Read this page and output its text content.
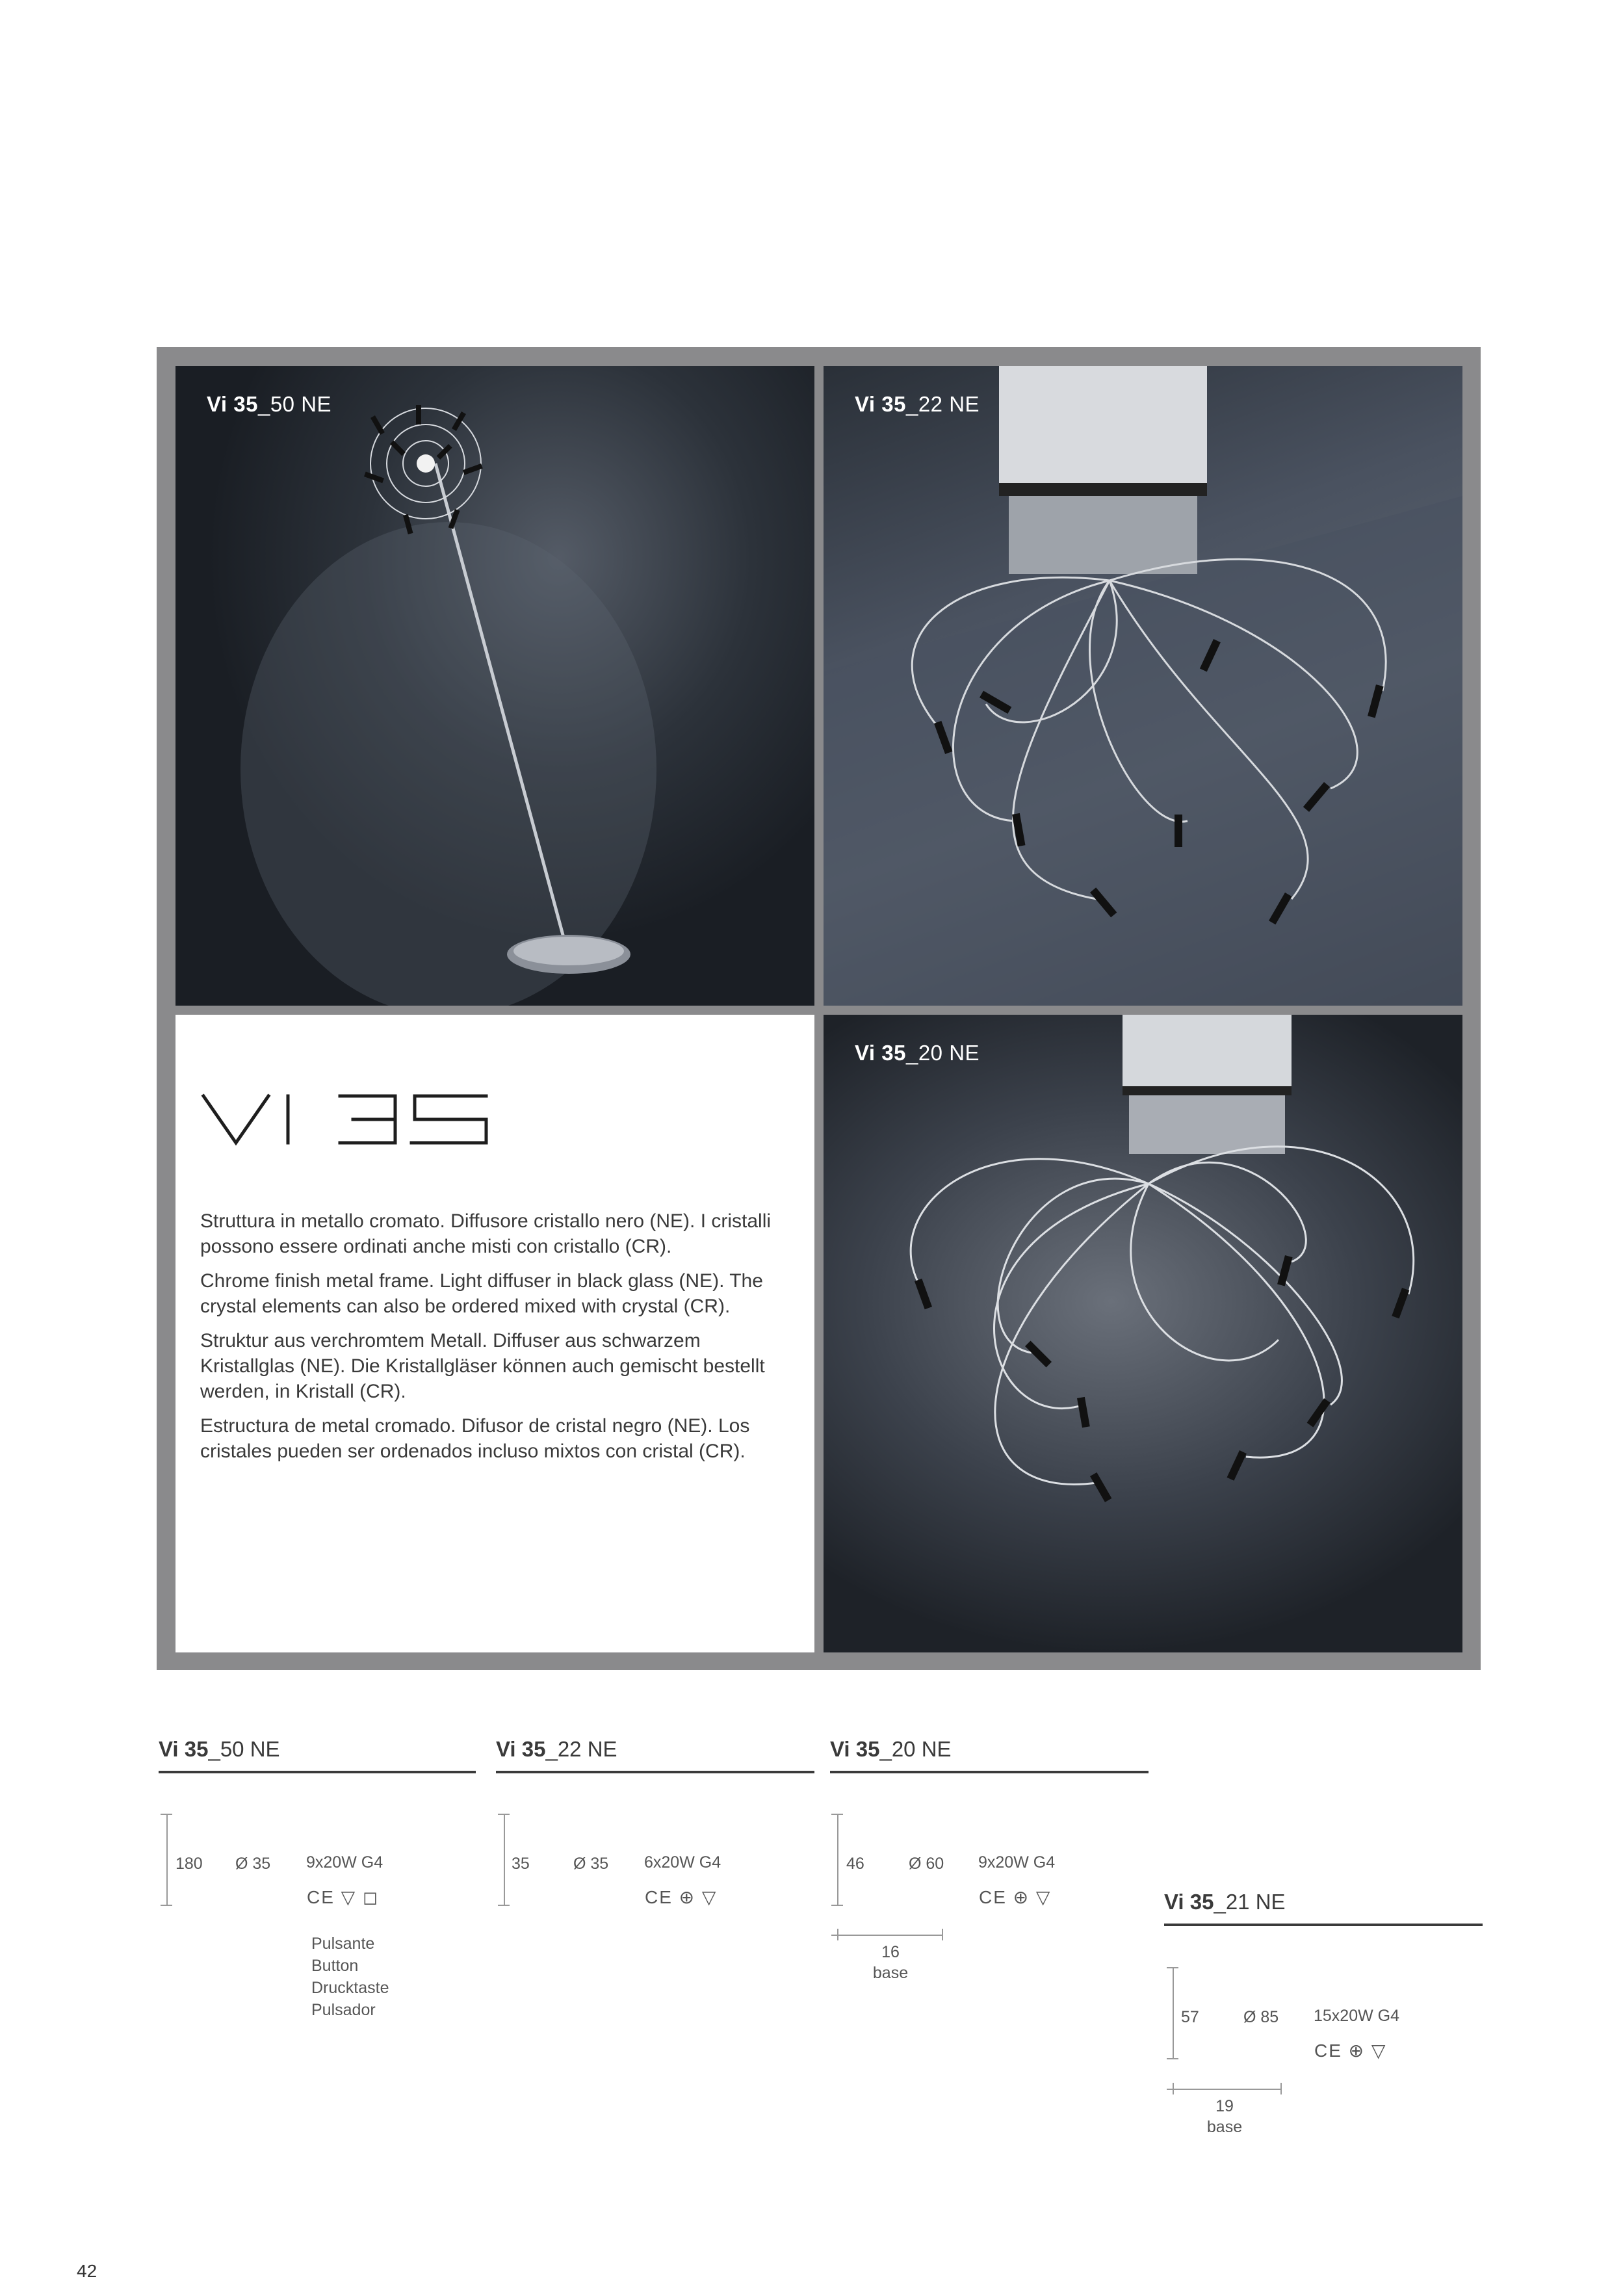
Vi 35_50 NE	Vi 35_22 NE

Struttura in metallo cromato. Diffusore cristallo nero (NE). I cristalli possono essere ordinati anche misti con cristallo (CR).

Chrome finish metal frame. Light diffuser in black glass (NE). The crystal elements can also be ordered mixed with crystal (CR).

Struktur aus verchromtem Metall. Diffuser aus schwarzem Kristallglas (NE). Die Kristallgläser können auch gemischt bestellt werden, in Kristall (CR).

Estructura de metal cromado. Difusor de cristal negro (NE). Los cristales pueden ser ordenados incluso mixtos con cristal (CR).

Vi 35_20 NE
Vi 35_50 NE
180 Ø 35 9x20W G4
CE ▽ ◻
Pulsante
Button
Drucktaste
Pulsador
Vi 35_22 NE
35	Ø 35 6x20W G4
CE ⊕ ▽
Vi 35_20 NE
46	Ø 60 9x20W G4
CE ⊕ ▽
16
base
Vi 35_21 NE
57	Ø 85 15x20W G4
CE ⊕ ▽
19
base
42
